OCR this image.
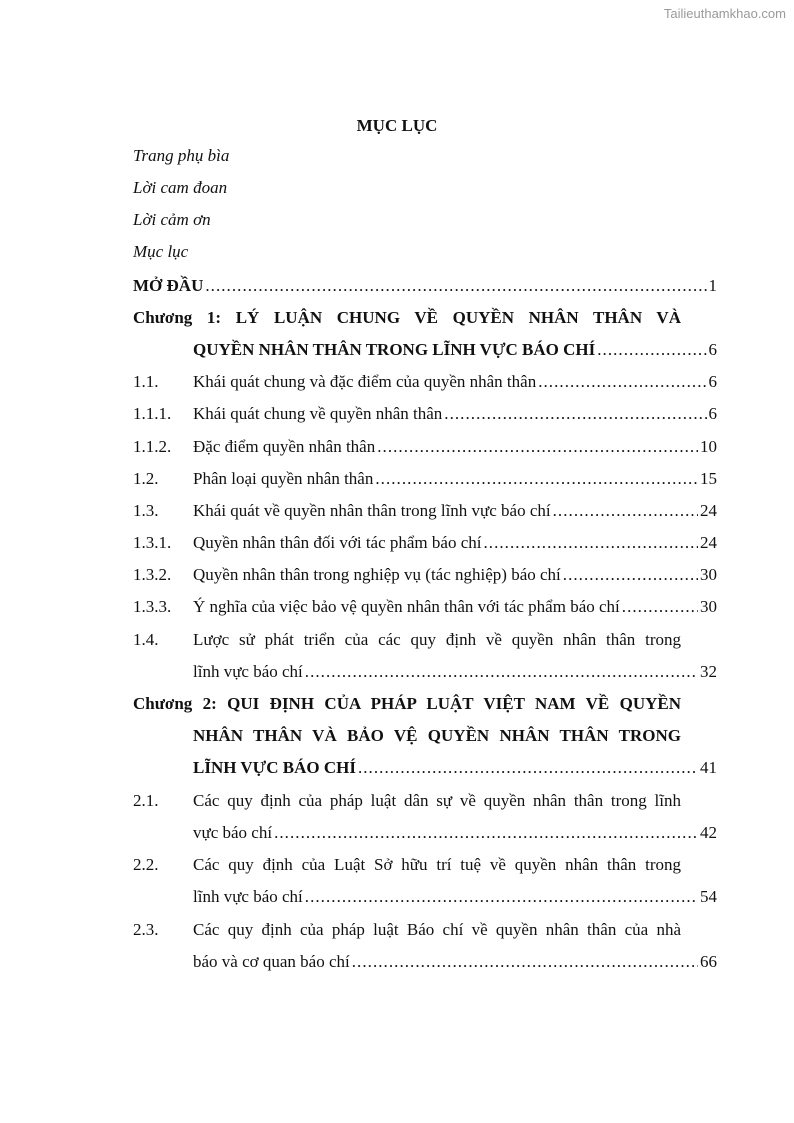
Tailieuthamkhao.com
MỤC LỤC
Trang phụ bìa
Lời cam đoan
Lời cảm ơn
Mục lục
MỞ ĐẦU . . .	1
Chương 1: LÝ LUẬN CHUNG VỀ QUYỀN NHÂN THÂN VÀ
QUYỀN NHÂN THÂN TRONG LĨNH VỰC BÁO CHÍ . . .	6
1.1. Khái quát chung và đặc điểm của quyền nhân thân . . .	6
1.1.1. Khái quát chung về quyền nhân thân . . .	6
1.1.2. Đặc điểm quyền nhân thân . . .	10
1.2. Phân loại quyền nhân thân . . .	15
1.3. Khái quát về quyền nhân thân trong lĩnh vực báo chí . . .	24
1.3.1. Quyền nhân thân đối với tác phẩm báo chí . . .	24
1.3.2. Quyền nhân thân trong nghiệp vụ (tác nghiệp) báo chí . . .	30
1.3.3. Ý nghĩa của việc bảo vệ quyền nhân thân với tác phẩm báo chí . . .	30
1.4. Lược sử phát triển của các quy định về quyền nhân thân trong
lĩnh vực báo chí . . .	32
Chương 2: QUI ĐỊNH CỦA PHÁP LUẬT VIỆT NAM VỀ QUYỀN
NHÂN THÂN VÀ BẢO VỆ QUYỀN NHÂN THÂN TRONG
LĨNH VỰC BÁO CHÍ . . .	41
2.1. Các quy định của pháp luật dân sự về quyền nhân thân trong lĩnh
vực báo chí . . .	42
2.2. Các quy định của Luật Sở hữu trí tuệ về quyền nhân thân trong
lĩnh vực báo chí . . .	54
2.3. Các quy định của pháp luật Báo chí về quyền nhân thân của nhà
báo và cơ quan báo chí . . .	66
